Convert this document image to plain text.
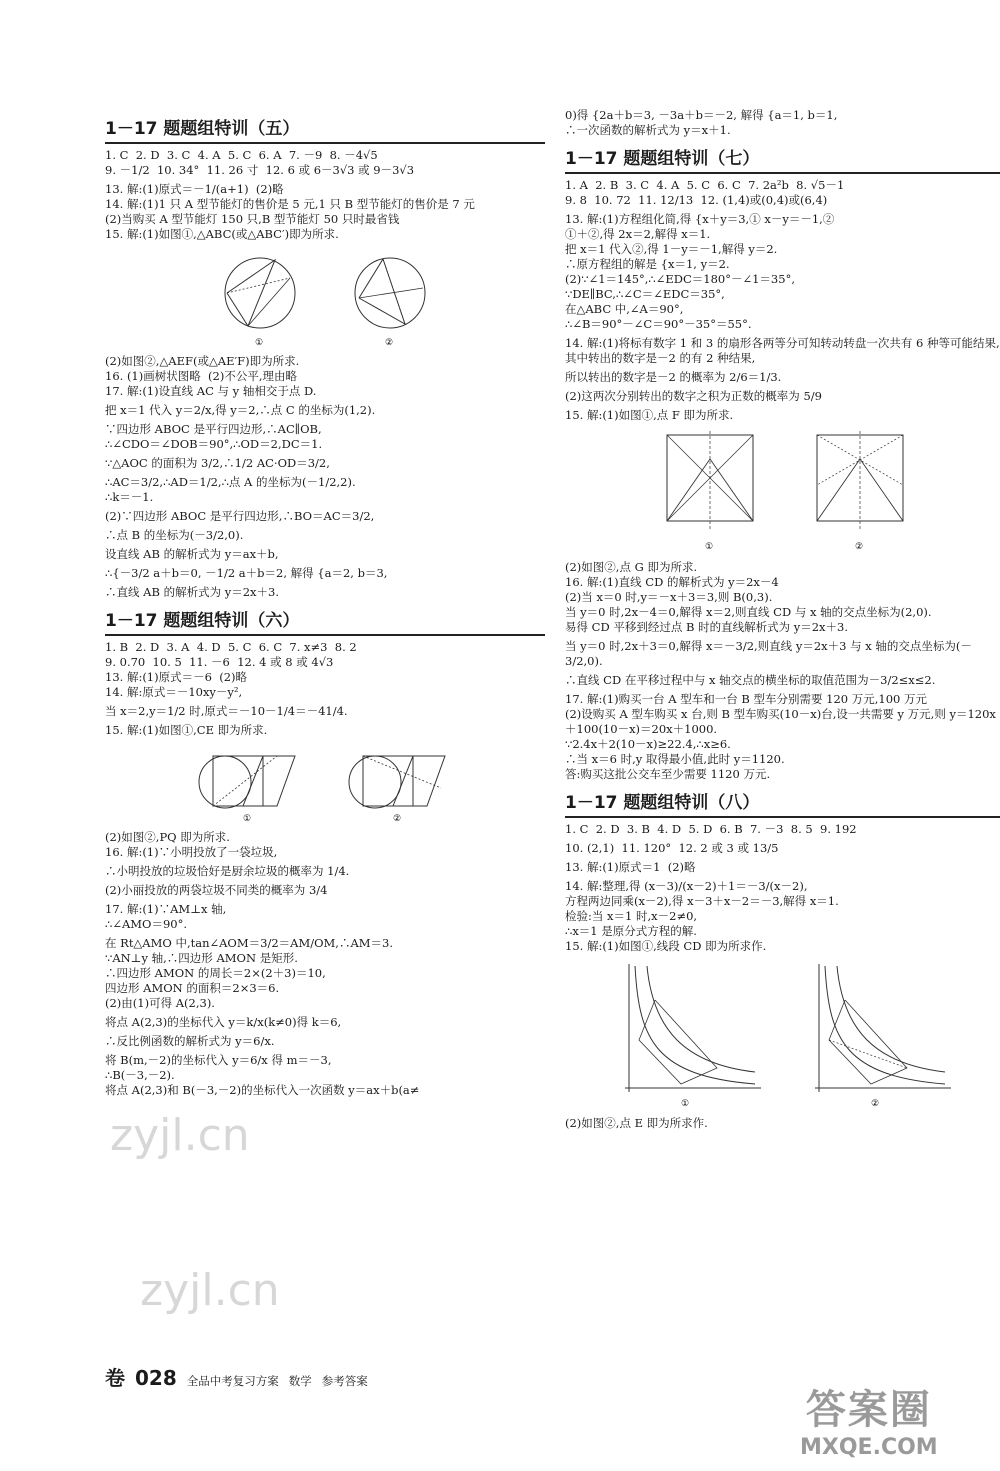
1－17 题题组特训（五）

1. C  2. D  3. C  4. A  5. C  6. A  7. －9  8. －4√5

9. －1/2  10. 34°  11. 26 寸  12. 6 或 6－3√3 或 9－3√3

13. 解:(1)原式＝－1/(a+1)  (2)略

14. 解:(1)1 只 A 型节能灯的售价是 5 元,1 只 B 型节能灯的售价是 7 元

(2)当购买 A 型节能灯 150 只,B 型节能灯 50 只时最省钱

15. 解:(1)如图①,△ABC(或△ABC′)即为所求.

①	②

(2)如图②,△AEF(或△AE′F)即为所求.

16. (1)画树状图略  (2)不公平,理由略

17. 解:(1)设直线 AC 与 y 轴相交于点 D.

把 x＝1 代入 y＝2/x,得 y＝2,∴点 C 的坐标为(1,2).

∵四边形 ABOC 是平行四边形,∴AC∥OB,

∴∠CDO＝∠DOB＝90°,∴OD＝2,DC＝1.

∵△AOC 的面积为 3/2,∴1/2 AC·OD＝3/2,

∴AC＝3/2,∴AD＝1/2,∴点 A 的坐标为(－1/2,2).

∴k＝－1.

(2)∵四边形 ABOC 是平行四边形,∴BO＝AC＝3/2,

∴点 B 的坐标为(－3/2,0).

设直线 AB 的解析式为 y＝ax＋b,

∴{－3/2 a＋b＝0, －1/2 a＋b＝2, 解得 {a＝2, b＝3,

∴直线 AB 的解析式为 y＝2x＋3.

1－17 题题组特训（六）

1. B  2. D  3. A  4. D  5. C  6. C  7. x≠3  8. 2

9. 0.70  10. 5  11. －6  12. 4 或 8 或 4√3

13. 解:(1)原式＝－6  (2)略

14. 解:原式＝－10xy－y²,

当 x＝2,y＝1/2 时,原式＝－10－1/4＝－41/4.

15. 解:(1)如图①,CE 即为所求.

①	②

(2)如图②,PQ 即为所求.

16. 解:(1)∵小明投放了一袋垃圾,

∴小明投放的垃圾恰好是厨余垃圾的概率为 1/4.

(2)小丽投放的两袋垃圾不同类的概率为 3/4

17. 解:(1)∵AM⊥x 轴,

∴∠AMO＝90°.

在 Rt△AMO 中,tan∠AOM＝3/2＝AM/OM,∴AM＝3.

∵AN⊥y 轴,∴四边形 AMON 是矩形.

∴四边形 AMON 的周长＝2×(2＋3)＝10,

四边形 AMON 的面积＝2×3＝6.

(2)由(1)可得 A(2,3).

将点 A(2,3)的坐标代入 y＝k/x(k≠0)得 k＝6,

∴反比例函数的解析式为 y＝6/x.

将 B(m,－2)的坐标代入 y＝6/x 得 m＝－3,

∴B(－3,－2).

将点 A(2,3)和 B(－3,－2)的坐标代入一次函数 y＝ax＋b(a≠

0)得 {2a＋b＝3, －3a＋b＝－2, 解得 {a＝1, b＝1,

∴一次函数的解析式为 y＝x＋1.

1－17 题题组特训（七）

1. A  2. B  3. C  4. A  5. C  6. C  7. 2a²b  8. √5－1

9. 8  10. 72  11. 12/13  12. (1,4)或(0,4)或(6,4)

13. 解:(1)方程组化简,得 {x＋y＝3,① x－y＝－1,②

①＋②,得 2x＝2,解得 x＝1.

把 x＝1 代入②,得 1－y＝－1,解得 y＝2.

∴原方程组的解是 {x＝1, y＝2.

(2)∵∠1＝145°,∴∠EDC＝180°－∠1＝35°,

∵DE∥BC,∴∠C＝∠EDC＝35°,

在△ABC 中,∠A＝90°,

∴∠B＝90°－∠C＝90°－35°＝55°.

14. 解:(1)将标有数字 1 和 3 的扇形各两等分可知转动转盘一次共有 6 种等可能结果,其中转出的数字是－2 的有 2 种结果,

所以转出的数字是－2 的概率为 2/6＝1/3.

(2)这两次分别转出的数字之积为正数的概率为 5/9

15. 解:(1)如图①,点 F 即为所求.

①	②

(2)如图②,点 G 即为所求.

16. 解:(1)直线 CD 的解析式为 y＝2x－4

(2)当 x＝0 时,y＝－x＋3＝3,则 B(0,3).

当 y＝0 时,2x－4＝0,解得 x＝2,则直线 CD 与 x 轴的交点坐标为(2,0).

易得 CD 平移到经过点 B 时的直线解析式为 y＝2x＋3.

当 y＝0 时,2x＋3＝0,解得 x＝－3/2,则直线 y＝2x＋3 与 x 轴的交点坐标为(－3/2,0).

∴直线 CD 在平移过程中与 x 轴交点的横坐标的取值范围为－3/2≤x≤2.

17. 解:(1)购买一台 A 型车和一台 B 型车分别需要 120 万元,100 万元

(2)设购买 A 型车购买 x 台,则 B 型车购买(10－x)台,设一共需要 y 万元,则 y＝120x＋100(10－x)＝20x＋1000.

∵2.4x＋2(10－x)≥22.4,∴x≥6.

∴当 x＝6 时,y 取得最小值,此时 y＝1120.

答:购买这批公交车至少需要 1120 万元.

1－17 题题组特训（八）

1. C  2. D  3. B  4. D  5. D  6. B  7. －3  8. 5  9. 192

10. (2,1)  11. 120°  12. 2 或 3 或 13/5

13. 解:(1)原式＝1  (2)略

14. 解:整理,得 (x－3)/(x－2)＋1＝－3/(x－2),

方程两边同乘(x－2),得 x－3＋x－2＝－3,解得 x＝1.

检验:当 x＝1 时,x－2≠0,

∴x＝1 是原分式方程的解.

15. 解:(1)如图①,线段 CD 即为所求作.

①	②

(2)如图②,点 E 即为所求作.

zyjl.cn
zyjl.cn
卷 028 全品中考复习方案 数学 参考答案
答案圈
MXQE.COM
